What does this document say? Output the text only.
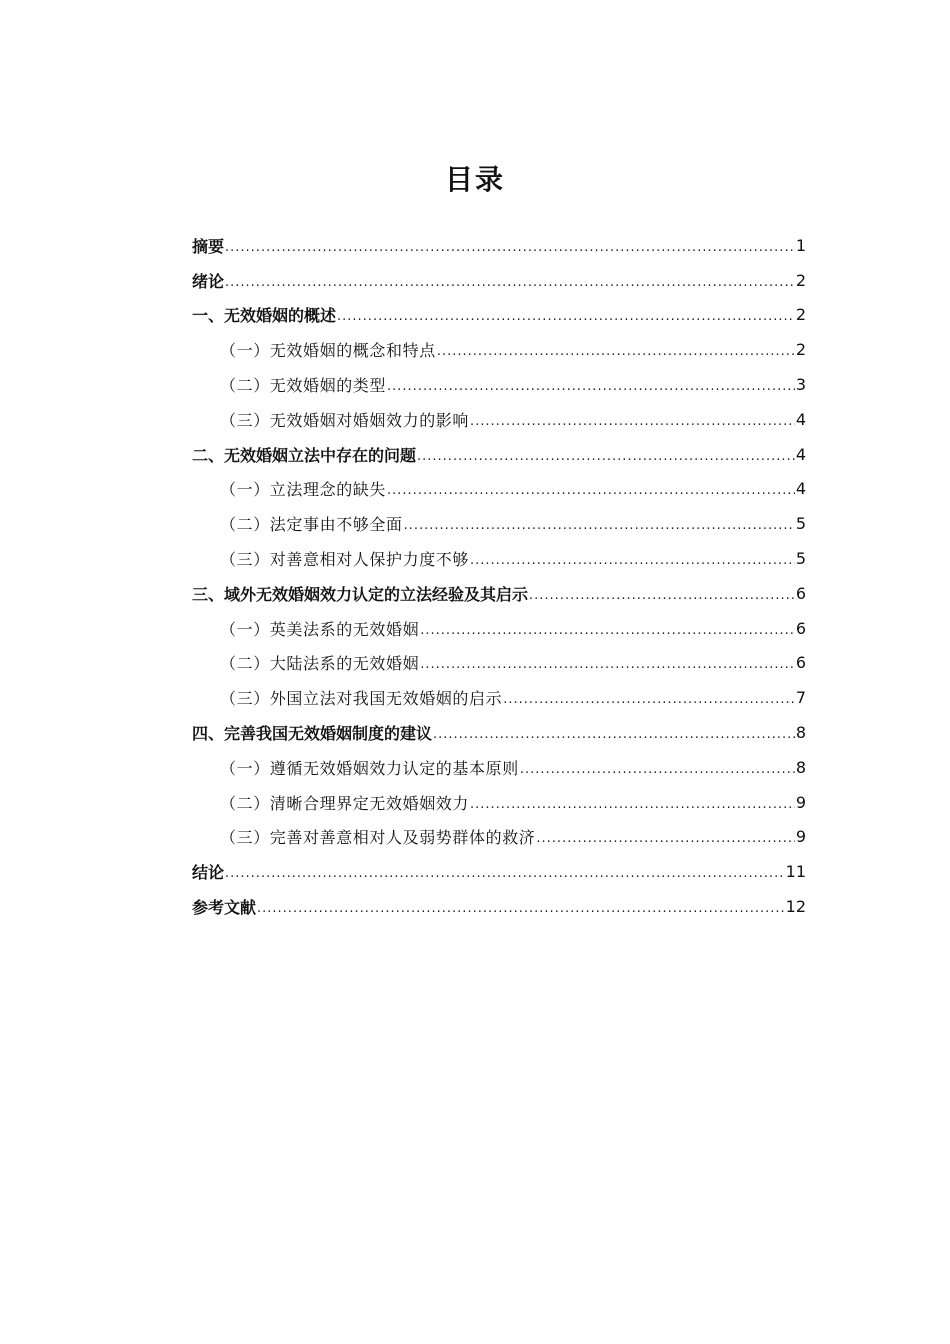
目录
摘要 .....	1
绪论 .....	2
一、无效婚姻的概述 .....	2
（一）无效婚姻的概念和特点 .....	2
（二）无效婚姻的类型 .....	3
（三）无效婚姻对婚姻效力的影响 .....	4
二、无效婚姻立法中存在的问题 .....	4
（一）立法理念的缺失 .....	4
（二）法定事由不够全面 .....	5
（三）对善意相对人保护力度不够 .....	5
三、域外无效婚姻效力认定的立法经验及其启示 .....	6
（一）英美法系的无效婚姻 .....	6
（二）大陆法系的无效婚姻 .....	6
（三）外国立法对我国无效婚姻的启示 .....	7
四、完善我国无效婚姻制度的建议 .....	8
（一）遵循无效婚姻效力认定的基本原则 .....	8
（二）清晰合理界定无效婚姻效力 .....	9
（三）完善对善意相对人及弱势群体的救济 .....	9
结论 .....	11
参考文献 .....	12
